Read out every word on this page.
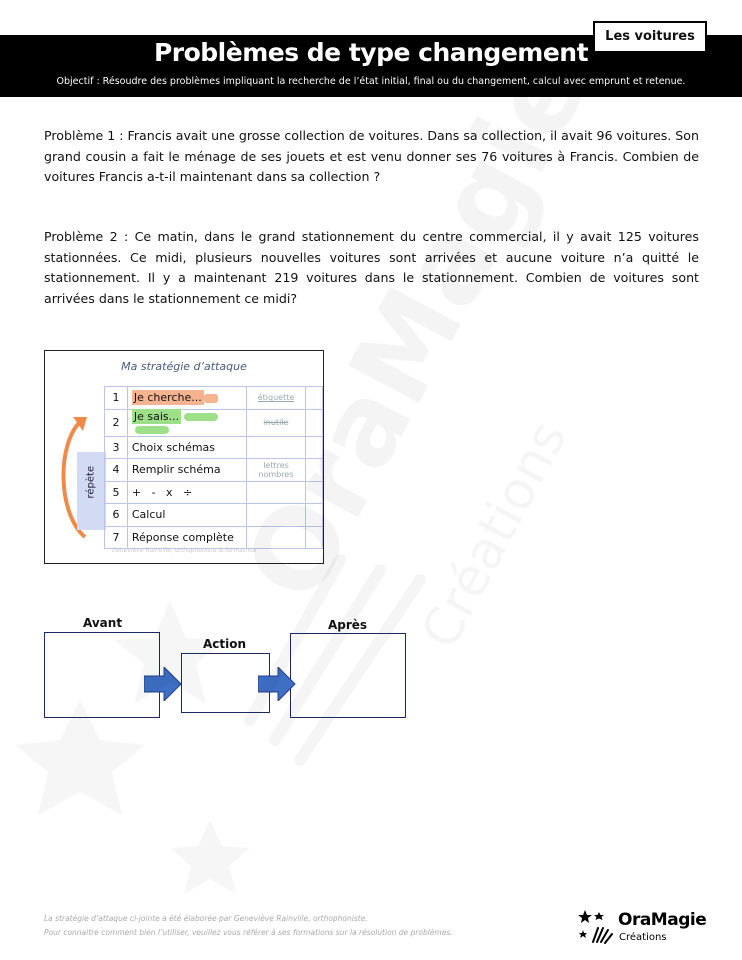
Problèmes de type changement
Objectif : Résoudre des problèmes impliquant la recherche de l’état initial, final ou du changement, calcul avec emprunt et retenue.
Les voitures
Problème 1 : Francis avait une grosse collection de voitures. Dans sa collection, il avait 96 voitures. Son grand cousin a fait le ménage de ses jouets et est venu donner ses 76 voitures à Francis. Combien de voitures Francis a-t-il maintenant dans sa collection ?
Problème 2 : Ce matin, dans le grand stationnement du centre commercial, il y avait 125 voitures stationnées. Ce midi, plusieurs nouvelles voitures sont arrivées et aucune voiture n’a quitté le stationnement. Il y a maintenant 219 voitures dans le stationnement. Combien de voitures sont arrivées dans le stationnement ce midi?
Ma stratégie d’attaque
répète
1	Je cherche...	étiquette	
2	Je sais...	inutile	
3	Choix schémas		
4	Remplir schéma	lettres nombres	
5	+   -   x   ÷		
6	Calcul		
7	Réponse complète		
Geneviève Rainville, orthophoniste & formatrice
Avant
Action
Après
La stratégie d’attaque ci-jointe a été élaborée par Geneviève Rainville, orthophoniste.
Pour connaitre comment bien l’utiliser, veuillez vous référer à ses formations sur la résolution de problèmes.
OraMagie
Créations
